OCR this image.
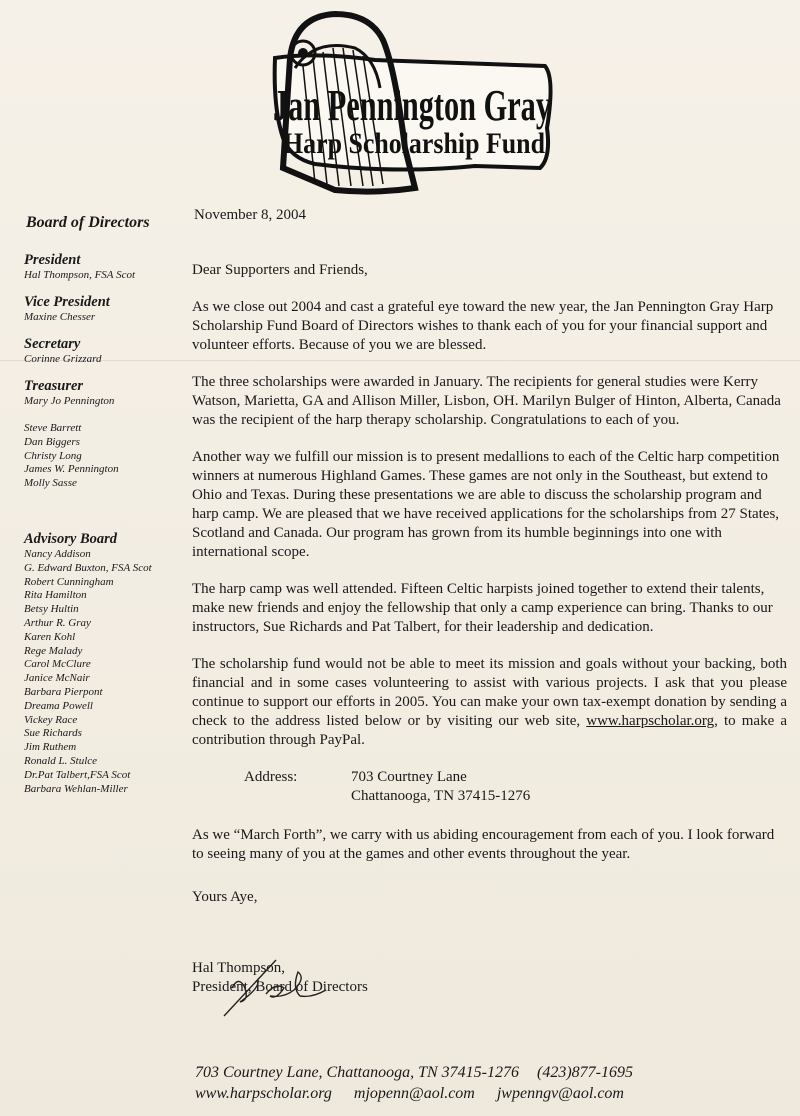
Jan Pennington Gray
Harp Scholarship Fund
Board of Directors
President
Hal Thompson, FSA Scot
Vice President
Maxine Chesser
Secretary
Corinne Grizzard
Treasurer
Mary Jo Pennington
Steve Barrett
Dan Biggers
Christy Long
James W. Pennington
Molly Sasse
Advisory Board
Nancy Addison
G. Edward Buxton, FSA Scot
Robert Cunningham
Rita Hamilton
Betsy Hultin
Arthur R. Gray
Karen Kohl
Rege Malady
Carol McClure
Janice McNair
Barbara Pierpont
Dreama Powell
Vickey Race
Sue Richards
Jim Ruthem
Ronald L. Stulce
Dr.Pat Talbert,FSA Scot
Barbara Wehlan-Miller
November 8, 2004
Dear Supporters and Friends,

As we close out 2004 and cast a grateful eye toward the new year, the Jan Pennington Gray Harp Scholarship Fund Board of Directors wishes to thank each of you for your financial support and volunteer efforts. Because of you we are blessed.

The three scholarships were awarded in January. The recipients for general studies were Kerry Watson, Marietta, GA and Allison Miller, Lisbon, OH. Marilyn Bulger of Hinton, Alberta, Canada was the recipient of the harp therapy scholarship. Congratulations to each of you.

Another way we fulfill our mission is to present medallions to each of the Celtic harp competition winners at numerous Highland Games. These games are not only in the Southeast, but extend to Ohio and Texas. During these presentations we are able to discuss the scholarship program and harp camp. We are pleased that we have received applications for the scholarships from 27 States, Scotland and Canada. Our program has grown from its humble beginnings into one with international scope.

The harp camp was well attended. Fifteen Celtic harpists joined together to extend their talents, make new friends and enjoy the fellowship that only a camp experience can bring. Thanks to our instructors, Sue Richards and Pat Talbert, for their leadership and dedication.

The scholarship fund would not be able to meet its mission and goals without your backing, both financial and in some cases volunteering to assist with various projects. I ask that you please continue to support our efforts in 2005. You can make your own tax-exempt donation by sending a check to the address listed below or by visiting our web site, www.harpscholar.org, to make a contribution through PayPal.

Address:	703 Courtney Lane
Chattanooga, TN 37415-1276

As we “March Forth”, we carry with us abiding encouragement from each of you. I look forward to seeing many of you at the games and other events throughout the year.

Yours Aye,
Hal Thompson,
President, Board of Directors
703 Courtney Lane, Chattanooga, TN 37415-1276 (423)877-1695
www.harpscholar.org mjopenn@aol.com jwpenngv@aol.com
